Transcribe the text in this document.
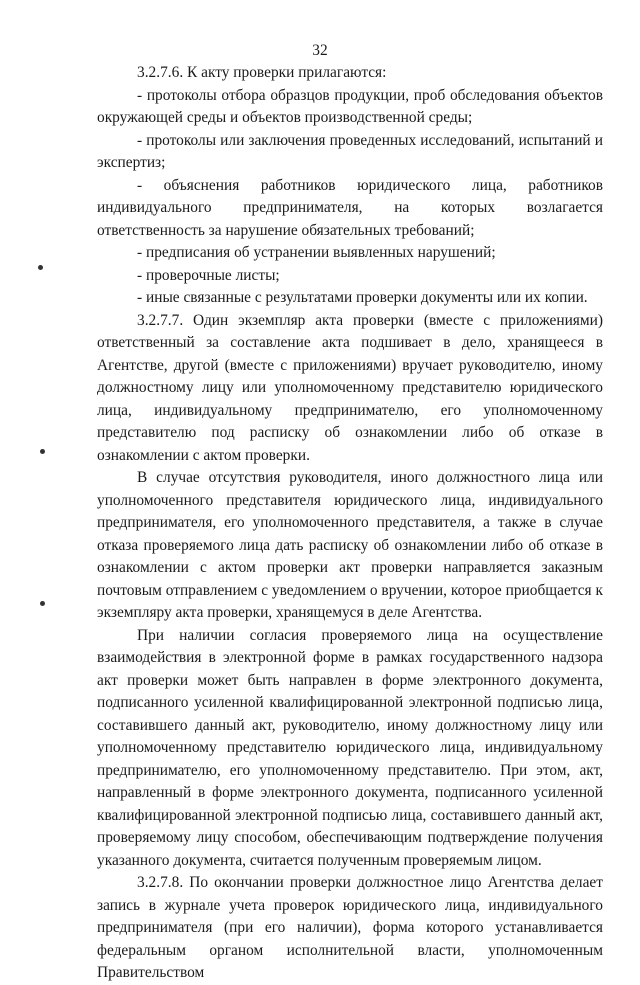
32

3.2.7.6. К акту проверки прилагаются:

- протоколы отбора образцов продукции, проб обследования объектов окружающей среды и объектов производственной среды;

- протоколы или заключения проведенных исследований, испытаний и экспертиз;

- объяснения работников юридического лица, работников индивидуального предпринимателя, на которых возлагается ответственность за нарушение обязательных требований;

- предписания об устранении выявленных нарушений;

- проверочные листы;

- иные связанные с результатами проверки документы или их копии.

3.2.7.7. Один экземпляр акта проверки (вместе с приложениями) ответственный за составление акта подшивает в дело, хранящееся в Агентстве, другой (вместе с приложениями) вручает руководителю, иному должностному лицу или уполномоченному представителю юридического лица, индивидуальному предпринимателю, его уполномоченному представителю под расписку об ознакомлении либо об отказе в ознакомлении с актом проверки.

В случае отсутствия руководителя, иного должностного лица или уполномоченного представителя юридического лица, индивидуального предпринимателя, его уполномоченного представителя, а также в случае отказа проверяемого лица дать расписку об ознакомлении либо об отказе в ознакомлении с актом проверки акт проверки направляется заказным почтовым отправлением с уведомлением о вручении, которое приобщается к экземпляру акта проверки, хранящемуся в деле Агентства.

При наличии согласия проверяемого лица на осуществление взаимодействия в электронной форме в рамках государственного надзора акт проверки может быть направлен в форме электронного документа, подписанного усиленной квалифицированной электронной подписью лица, составившего данный акт, руководителю, иному должностному лицу или уполномоченному представителю юридического лица, индивидуальному предпринимателю, его уполномоченному представителю. При этом, акт, направленный в форме электронного документа, подписанного усиленной квалифицированной электронной подписью лица, составившего данный акт, проверяемому лицу способом, обеспечивающим подтверждение получения указанного документа, считается полученным проверяемым лицом.

3.2.7.8. По окончании проверки должностное лицо Агентства делает запись в журнале учета проверок юридического лица, индивидуального предпринимателя (при его наличии), форма которого устанавливается федеральным органом исполнительной власти, уполномоченным Правительством
